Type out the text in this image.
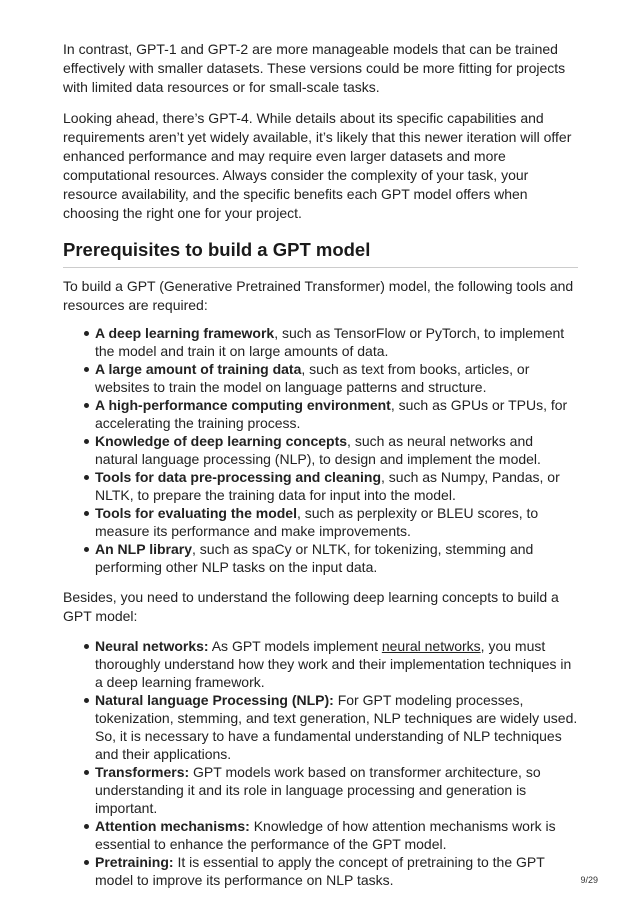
In contrast, GPT-1 and GPT-2 are more manageable models that can be trained effectively with smaller datasets. These versions could be more fitting for projects with limited data resources or for small-scale tasks.

Looking ahead, there’s GPT-4. While details about its specific capabilities and requirements aren’t yet widely available, it’s likely that this newer iteration will offer enhanced performance and may require even larger datasets and more computational resources. Always consider the complexity of your task, your resource availability, and the specific benefits each GPT model offers when choosing the right one for your project.

Prerequisites to build a GPT model

To build a GPT (Generative Pretrained Transformer) model, the following tools and resources are required:

A deep learning framework, such as TensorFlow or PyTorch, to implement the model and train it on large amounts of data.
A large amount of training data, such as text from books, articles, or websites to train the model on language patterns and structure.
A high-performance computing environment, such as GPUs or TPUs, for accelerating the training process.
Knowledge of deep learning concepts, such as neural networks and natural language processing (NLP), to design and implement the model.
Tools for data pre-processing and cleaning, such as Numpy, Pandas, or NLTK, to prepare the training data for input into the model.
Tools for evaluating the model, such as perplexity or BLEU scores, to measure its performance and make improvements.
An NLP library, such as spaCy or NLTK, for tokenizing, stemming and performing other NLP tasks on the input data.

Besides, you need to understand the following deep learning concepts to build a GPT model:

Neural networks: As GPT models implement neural networks, you must thoroughly understand how they work and their implementation techniques in a deep learning framework.
Natural language Processing (NLP): For GPT modeling processes, tokenization, stemming, and text generation, NLP techniques are widely used. So, it is necessary to have a fundamental understanding of NLP techniques and their applications.
Transformers: GPT models work based on transformer architecture, so understanding it and its role in language processing and generation is important.
Attention mechanisms: Knowledge of how attention mechanisms work is essential to enhance the performance of the GPT model.
Pretraining: It is essential to apply the concept of pretraining to the GPT model to improve its performance on NLP tasks.	9/29
